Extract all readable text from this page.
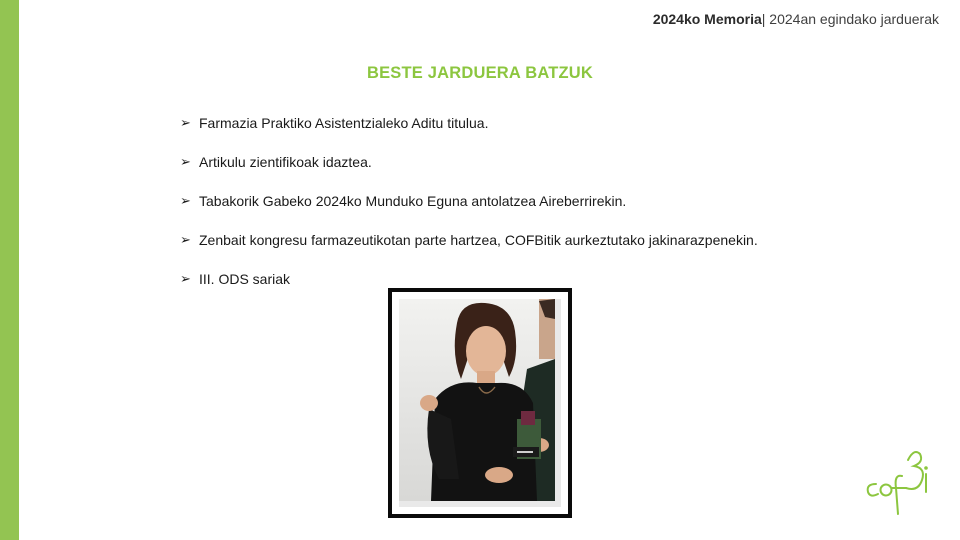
2024ko Memoria| 2024an egindako jarduerak
BESTE JARDUERA BATZUK
➢ Farmazia Praktiko Asistentzialeko Aditu titulua.
➢ Artikulu zientifikoak idaztea.
➢ Tabakorik Gabeko 2024ko Munduko Eguna antolatzea Aireberrirekin.
➢ Zenbait kongresu farmazeutikotan parte hartzea, COFBitik aurkeztutako jakinarazpenekin.
➢ III. ODS sariak
